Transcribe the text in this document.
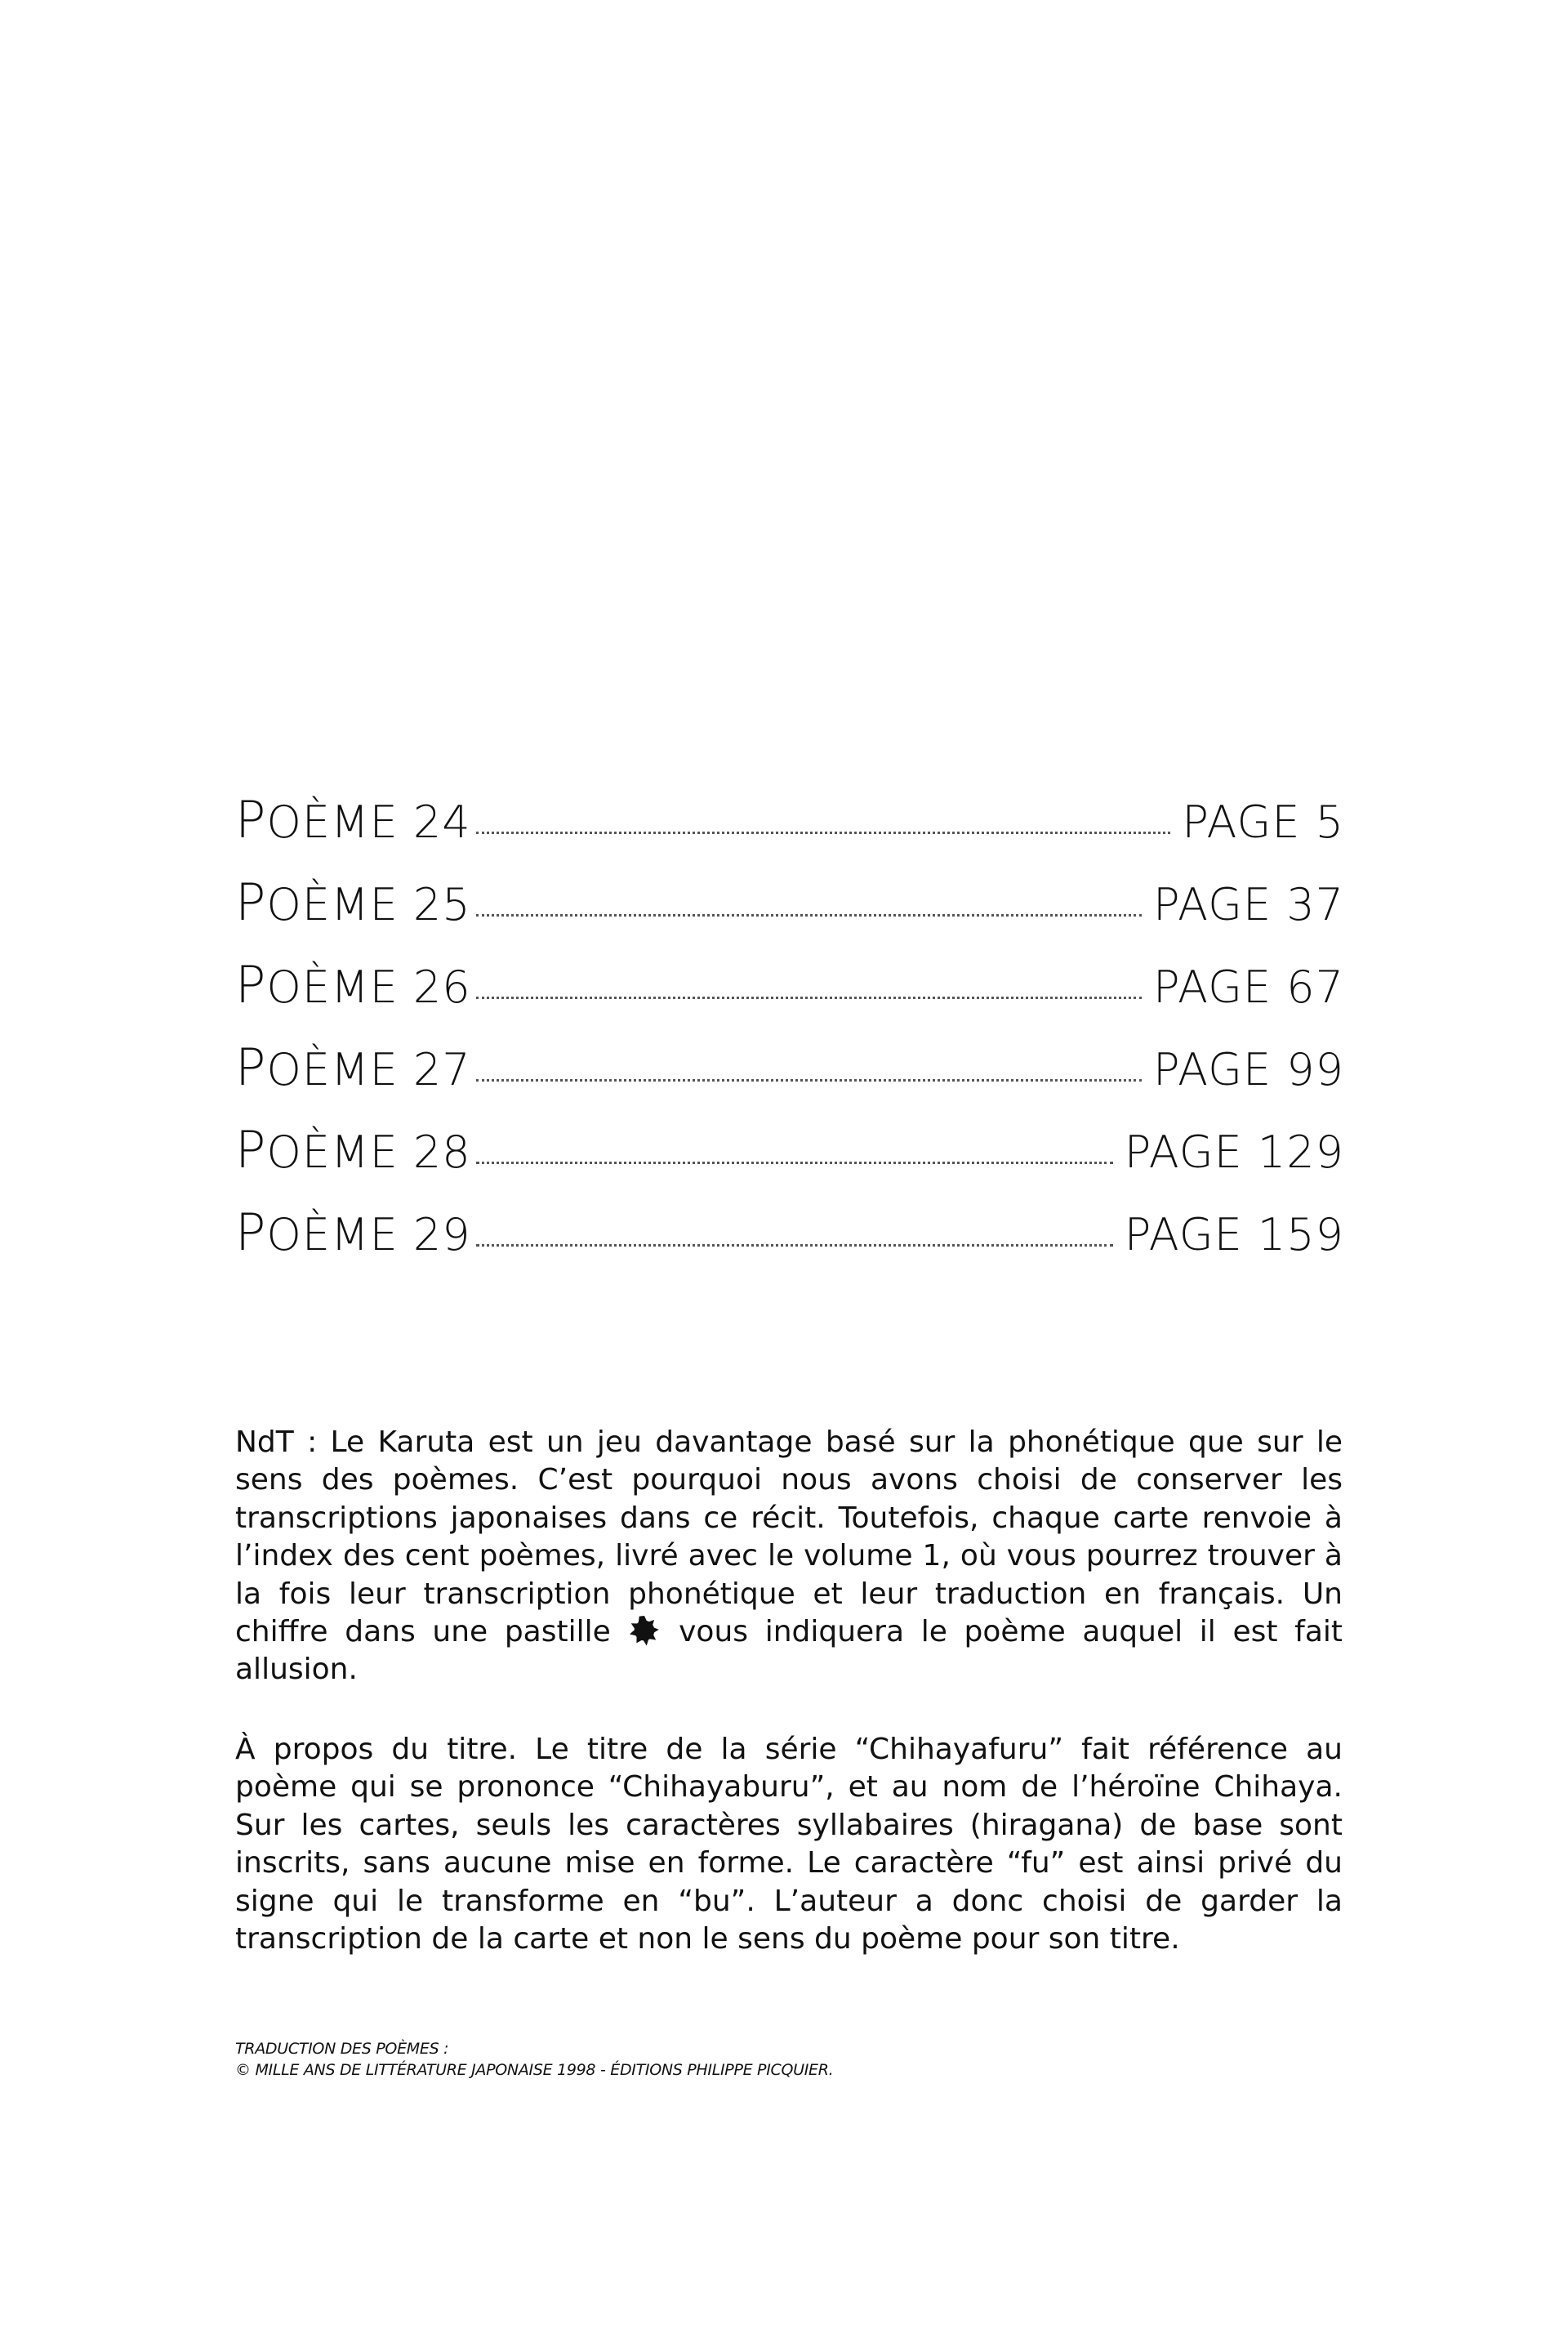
POÈME 24	PAGE 5
POÈME 25	PAGE 37
POÈME 26	PAGE 67
POÈME 27	PAGE 99
POÈME 28	PAGE 129
POÈME 29	PAGE 159

NdT : Le Karuta est un jeu davantage basé sur la phonétique que sur le sens des poèmes. C’est pourquoi nous avons choisi de conserver les transcriptions japonaises dans ce récit. Toutefois, chaque carte renvoie à l’index des cent poèmes, livré avec le volume 1, où vous pourrez trouver à la fois leur transcription phonétique et leur traduction en français. Un chiffre dans une pastille vous indiquera le poème auquel il est fait allusion.

À propos du titre. Le titre de la série “Chihayafuru” fait référence au poème qui se prononce “Chihayaburu”, et au nom de l’héroïne Chihaya. Sur les cartes, seuls les caractères syllabaires (hiragana) de base sont inscrits, sans aucune mise en forme. Le caractère “fu” est ainsi privé du signe qui le transforme en “bu”. L’auteur a donc choisi de garder la transcription de la carte et non le sens du poème pour son titre.

TRADUCTION DES POÈMES :
© MILLE ANS DE LITTÉRATURE JAPONAISE 1998 - ÉDITIONS PHILIPPE PICQUIER.
